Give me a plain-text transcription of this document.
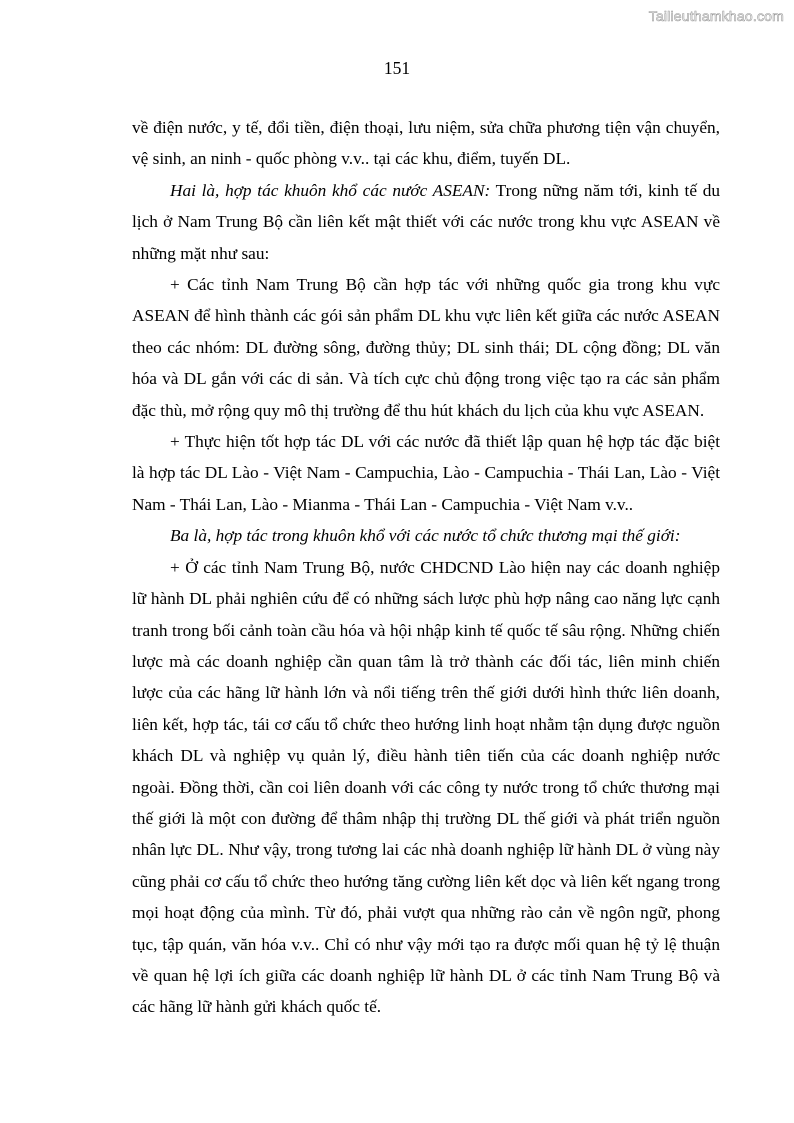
Tailieuthamkhao.com
151

về điện nước, y tế, đổi tiền, điện thoại, lưu niệm, sửa chữa phương tiện vận chuyển, vệ sinh, an ninh - quốc phòng v.v.. tại các khu, điểm, tuyến DL.

Hai là, hợp tác khuôn khổ các nước ASEAN: Trong nững năm tới, kinh tế du lịch ở Nam Trung Bộ cần liên kết mật thiết với các nước trong khu vực ASEAN về những mặt như sau:

+ Các tỉnh Nam Trung Bộ cần hợp tác với những quốc gia trong khu vực ASEAN để hình thành các gói sản phẩm DL khu vực liên kết giữa các nước ASEAN theo các nhóm: DL đường sông, đường thủy; DL sinh thái; DL cộng đồng; DL văn hóa và DL gắn với các di sản. Và tích cực chủ động trong việc tạo ra các sản phẩm đặc thù, mở rộng quy mô thị trường để thu hút khách du lịch của khu vực ASEAN.

+ Thực hiện tốt hợp tác DL với các nước đã thiết lập quan hệ hợp tác đặc biệt là hợp tác DL Lào - Việt Nam - Campuchia, Lào - Campuchia - Thái Lan, Lào - Việt Nam - Thái Lan, Lào - Mianma - Thái Lan - Campuchia - Việt Nam v.v..

Ba là, hợp tác trong khuôn khổ với các nước tổ chức thương mại thế giới:

+ Ở các tỉnh Nam Trung Bộ, nước CHDCND Lào hiện nay các doanh nghiệp lữ hành DL phải nghiên cứu để có những sách lược phù hợp nâng cao năng lực cạnh tranh trong bối cảnh toàn cầu hóa và hội nhập kinh tế quốc tế sâu rộng. Những chiến lược mà các doanh nghiệp cần quan tâm là trở thành các đối tác, liên minh chiến lược của các hãng lữ hành lớn và nổi tiếng trên thế giới dưới hình thức liên doanh, liên kết, hợp tác, tái cơ cấu tổ chức theo hướng linh hoạt nhằm tận dụng được nguồn khách DL và nghiệp vụ quản lý, điều hành tiên tiến của các doanh nghiệp nước ngoài. Đồng thời, cần coi liên doanh với các công ty nước trong tổ chức thương mại thế giới là một con đường để thâm nhập thị trường DL thế giới và phát triển nguồn nhân lực DL. Như vậy, trong tương lai các nhà doanh nghiệp lữ hành DL ở vùng này cũng phải cơ cấu tổ chức theo hướng tăng cường liên kết dọc và liên kết ngang trong mọi hoạt động của mình. Từ đó, phải vượt qua những rào cản về ngôn ngữ, phong tục, tập quán, văn hóa v.v.. Chỉ có như vậy mới tạo ra được mối quan hệ tỷ lệ thuận về quan hệ lợi ích giữa các doanh nghiệp lữ hành DL ở các tỉnh Nam Trung Bộ và các hãng lữ hành gửi khách quốc tế.
